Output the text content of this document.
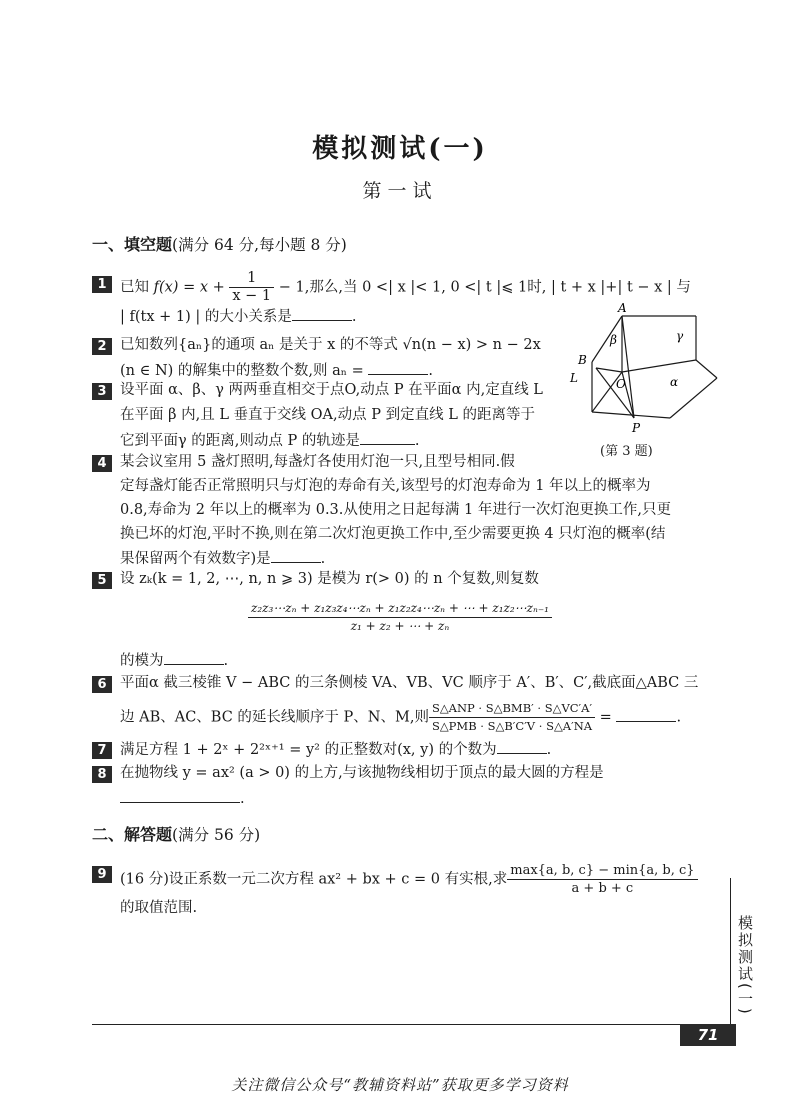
模拟测试(一)
第一试
一、填空题(满分 64 分,每小题 8 分)
1 已知 $f(x) = x + \frac{1}{x - 1} - 1$,那么,当 0 <| x |< 1, 0 <| t |⩽ 1时, | t + x |+| t − x | 与
| f(tx + 1) | 的大小关系是	.
2 已知数列{aₙ}的通项 aₙ 是关于 x 的不等式 √n(n − x) > n − 2x
(n ∈ N) 的解集中的整数个数,则 aₙ =	.
3 设平面 α、β、γ 两两垂直相交于点O,动点 P 在平面α 内,定直线 L
在平面 β 内,且 L 垂直于交线 OA,动点 P 到定直线 L 的距离等于
它到平面γ 的距离,则动点 P 的轨迹是	.
A
B
L	O
P
α
β	γ
(第 3 题)
4 某会议室用 5 盏灯照明,每盏灯各使用灯泡一只,且型号相同.假
定每盏灯能否正常照明只与灯泡的寿命有关,该型号的灯泡寿命为 1 年以上的概率为
0.8,寿命为 2 年以上的概率为 0.3.从使用之日起每满 1 年进行一次灯泡更换工作,只更
换已坏的灯泡,平时不换,则在第二次灯泡更换工作中,至少需要更换 4 只灯泡的概率(结
果保留两个有效数字)是	.
5 设 zₖ(k = 1, 2, ⋯, n, n ⩾ 3) 是模为 r(> 0) 的 n 个复数,则复数
$\frac{\text{z₂z₃⋯zₙ + z₁z₃z₄⋯zₙ + z₁z₂z₄⋯zₙ + ⋯ + z₁z₂⋯zₙ₋₁}}{\text{z₁ + z₂ + ⋯ + zₙ}}$
的模为	.
6 平面α 截三棱锥 V − ABC 的三条侧棱 VA、VB、VC 顺序于 A′、B′、C′,截底面△ABC 三
边 AB、AC、BC 的延长线顺序于 P、N、M,则 $\frac{\text{S△ANP · S△BMB′ · S△VC′A′}}{\text{S△PMB · S△B′C′V · S△A′NA}}$ =	.
7 满足方程 1 + 2ˣ + 2²ˣ⁺¹ = y² 的正整数对(x, y) 的个数为	.
8 在抛物线 y = ax² (a > 0) 的上方,与该抛物线相切于顶点的最大圆的方程是
.
二、解答题(满分 56 分)
9 (16 分)设正系数一元二次方程 ax² + bx + c = 0 有实根,求 $\frac{\max\{a, b, c\} - \min\{a, b, c\}}{a + b + c}$
的取值范围.
模拟测试(一)
71
关注微信公众号“教辅资料站”获取更多学习资料
